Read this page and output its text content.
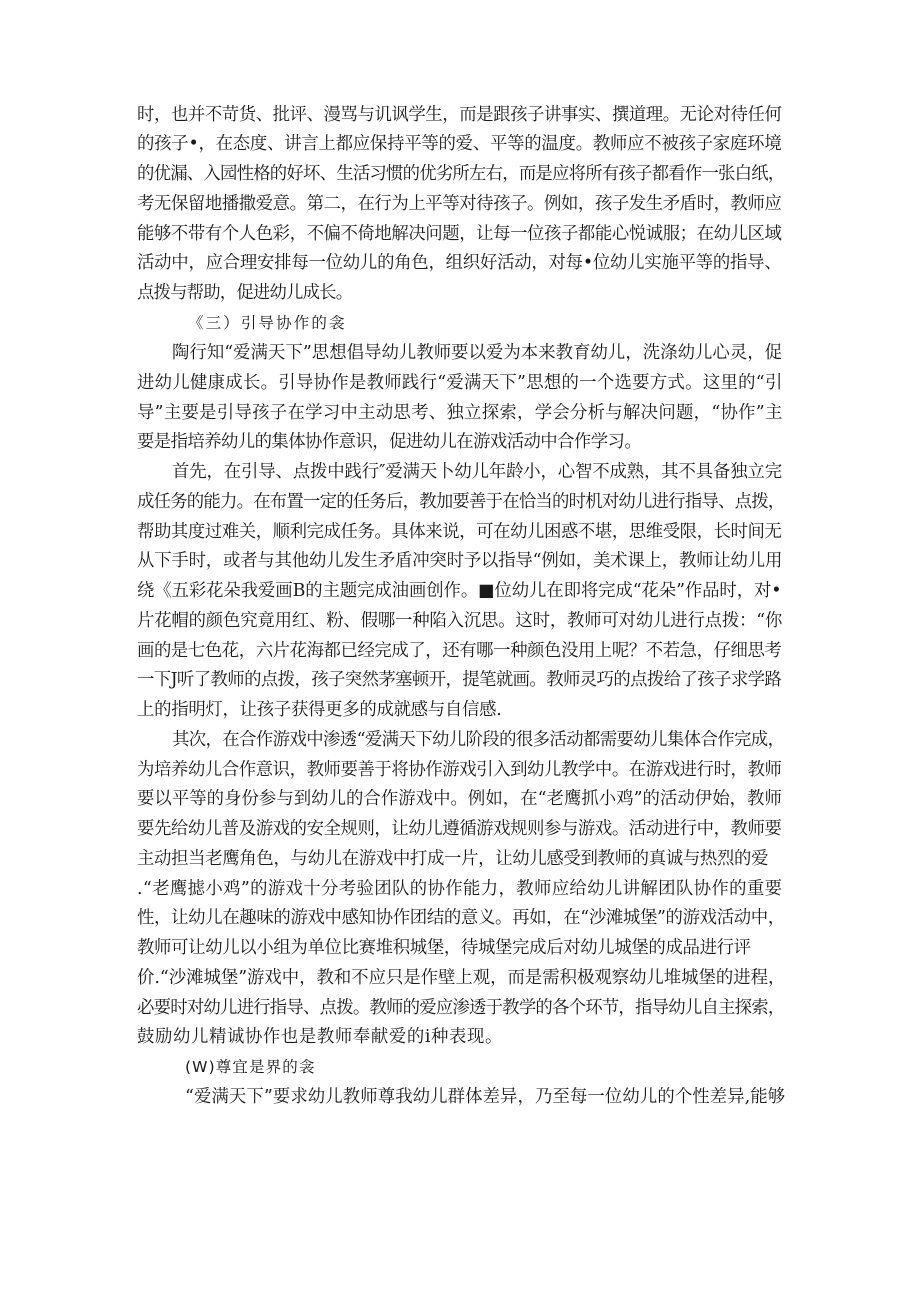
时，也并不苛货、批评、漫骂与讥讽学生，而是跟孩子讲事实、撰道理。无论对待任何
的孩子•，在态度、讲言上都应保持平等的爱、平等的温度。教师应不被孩子家庭环境
的优漏、入园性格的好坏、生活习惯的优劣所左右，而是应将所有孩子都看作一张白纸，
考无保留地播撒爱意。第二，在行为上平等对待孩子。例如，孩子发生矛盾时，教师应
能够不带有个人色彩，不偏不倚地解决问题，让每一位孩子都能心悦诚服；在幼儿区域
活动中，应合理安排每一位幼儿的角色，组织好活动，对每•位幼儿实施平等的指导、
点拨与帮助，促进幼儿成长。
《三）引导协作的衾
陶行知“爱满天下”思想倡导幼儿教师要以爱为本来教育幼儿，洗涤幼儿心灵，促
进幼儿健康成长。引导协作是教师践行“爱满天下”思想的一个选要方式。这里的“引
导”主要是引导孩子在学习中主动思考、独立探索，学会分析与解决问题，“协作”主
要是指培养幼儿的集体协作意识，促进幼儿在游戏活动中合作学习。
首先，在引导、点拨中践行″爱满天卜幼儿年龄小，心智不成熟，其不具备独立完
成任务的能力。在布置一定的任务后，教加要善于在恰当的时机对幼儿进行指导、点拨，
帮助其度过难关，顺利完成任务。具体来说，可在幼儿困惑不堪，思维受限，长时间无
从下手时，或者与其他幼儿发生矛盾冲突时予以指导“例如，美术课上，教师让幼儿用
绕《五彩花朵我爱画B的主题完成油画创作。■位幼儿在即将完成“花朵”作品时，对•
片花帽的颜色究竟用红、粉、假哪一种陷入沉思。这时，教师可对幼儿进行点拨：“你
画的是七色花，六片花海都已经完成了，还有哪一种颜色没用上呢？不若急，仔细思考
一下J听了教师的点拨，孩子突然茅塞顿开，提笔就画。教师灵巧的点拨给了孩子求学路
上的指明灯，让孩子获得更多的成就感与自信感.
其次，在合作游戏中渗透“爱满天下幼儿阶段的很多活动都需要幼儿集体合作完成，
为培养幼儿合作意识，教师要善于将协作游戏引入到幼儿教学中。在游戏进行时，教师
要以平等的身份参与到幼儿的合作游戏中。例如，在“老鹰抓小鸡”的活动伊始，教师
要先给幼儿普及游戏的安全规则，让幼儿遵循游戏规则参与游戏。活动进行中，教师要
主动担当老鹰角色，与幼儿在游戏中打成一片，让幼儿感受到教师的真诚与热烈的爱
.“老鹰摅小鸡”的游戏十分考验团队的协作能力，教师应给幼儿讲解团队协作的重要
性，让幼儿在趣味的游戏中感知协作团结的意义。再如，在“沙滩城堡”的游戏活动中，
教师可让幼儿以小组为单位比赛堆积城堡，待城堡完成后对幼儿城堡的成品进行评
价.“沙滩城堡”游戏中，教和不应只是作壁上观，而是需积极观察幼儿堆城堡的进程，
必要时对幼儿进行指导、点拨。教师的爱应渗透于教学的各个环节，指导幼儿自主探索，
鼓励幼儿精诚协作也是教师奉献爱的i种表现。
(W)尊宜是界的衾
“爱满天下”要求幼儿教师尊我幼儿群体差异，乃至每一位幼儿的个性差异,能够
